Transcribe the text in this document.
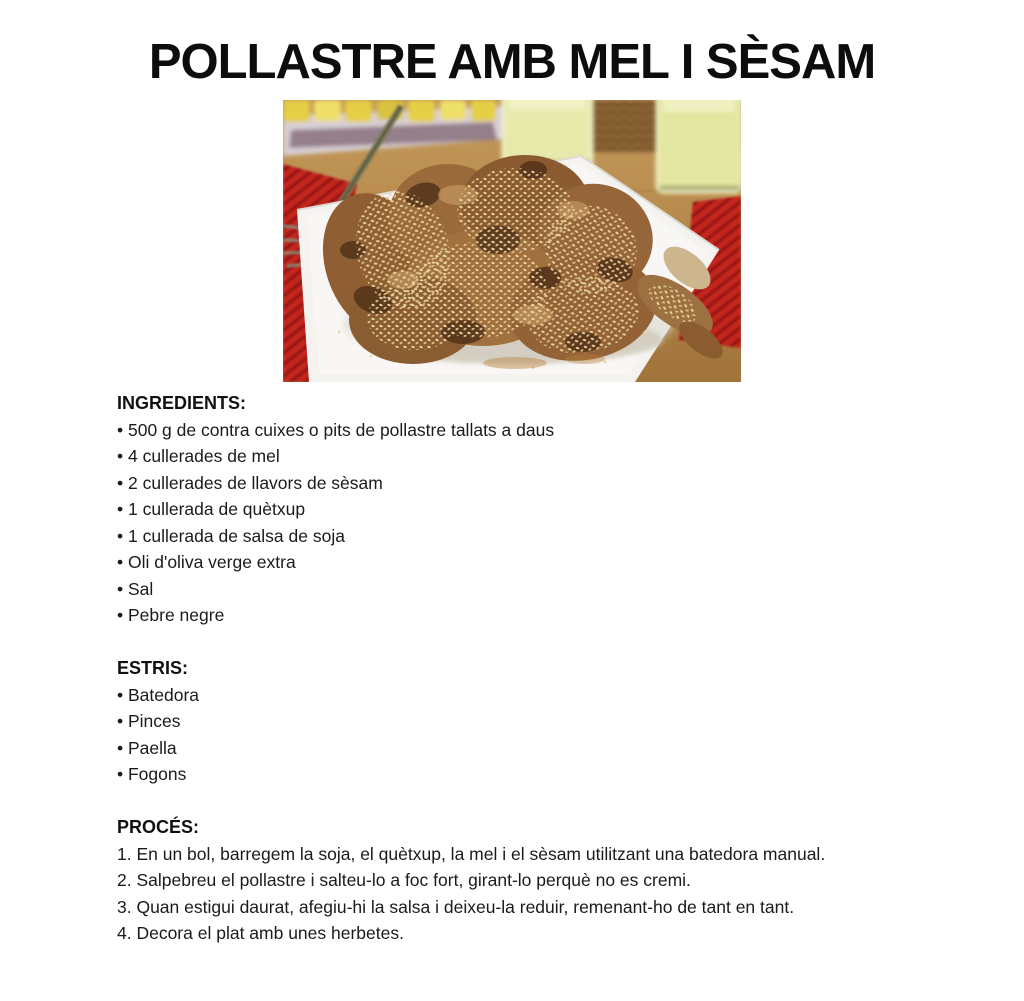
POLLASTRE AMB MEL I SÈSAM
INGREDIENTS:
• 500 g de contra cuixes o pits de pollastre tallats a daus
• 4 cullerades de mel
• 2 cullerades de llavors de sèsam
• 1 cullerada de quètxup
• 1 cullerada de salsa de soja
• Oli d'oliva verge extra
• Sal
• Pebre negre
ESTRIS:
• Batedora
• Pinces
• Paella
• Fogons
PROCÉS:
1. En un bol, barregem la soja, el quètxup, la mel i el sèsam utilitzant una batedora manual.
2. Salpebreu el pollastre i salteu-lo a foc fort, girant-lo perquè no es cremi.
3. Quan estigui daurat, afegiu-hi la salsa i deixeu-la reduir, remenant-ho de tant en tant.
4. Decora el plat amb unes herbetes.
